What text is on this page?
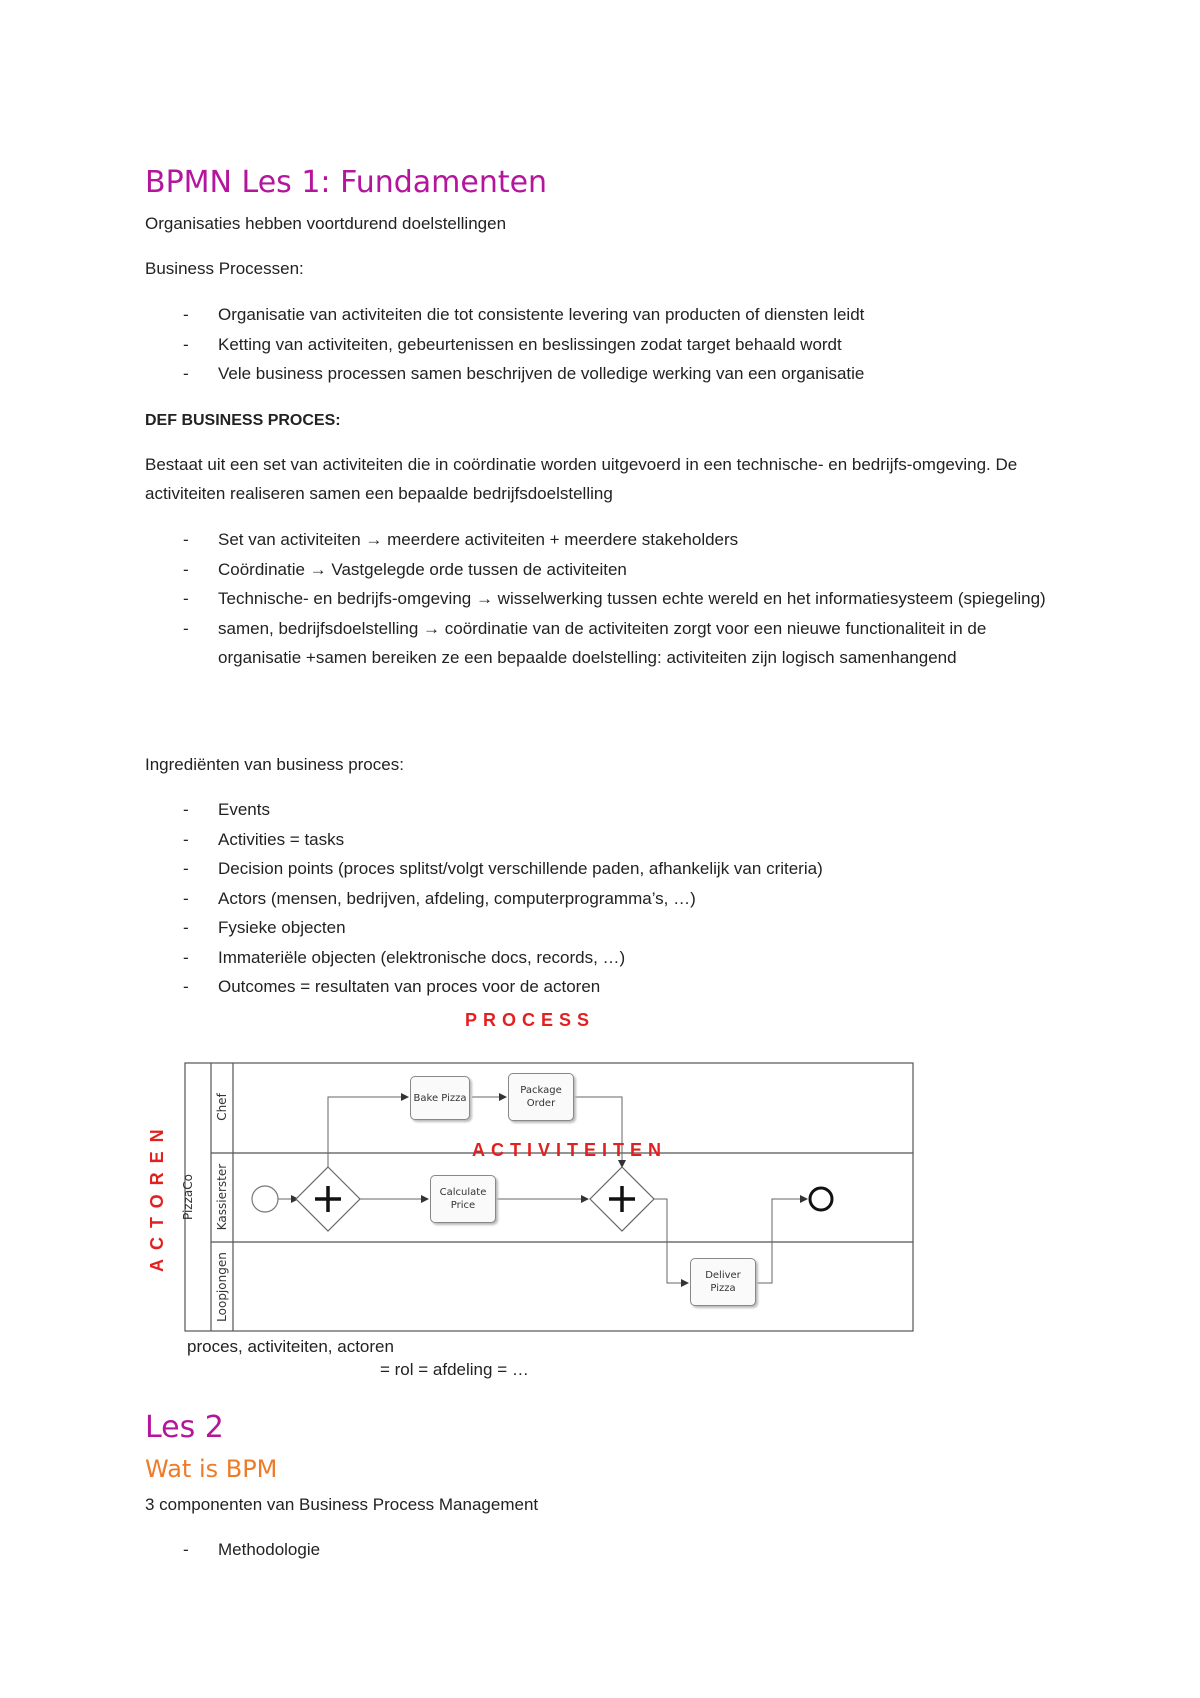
BPMN Les 1: Fundamenten
Organisaties hebben voortdurend doelstellingen
Business Processen:
- Organisatie van activiteiten die tot consistente levering van producten of diensten leidt
- Ketting van activiteiten, gebeurtenissen en beslissingen zodat target behaald wordt
- Vele business processen samen beschrijven de volledige werking van een organisatie
DEF BUSINESS PROCES:
Bestaat uit een set van activiteiten die in coördinatie worden uitgevoerd in een technische- en bedrijfs-omgeving. De activiteiten realiseren samen een bepaalde bedrijfsdoelstelling
- Set van activiteiten → meerdere activiteiten + meerdere stakeholders
- Coördinatie → Vastgelegde orde tussen de activiteiten
- Technische- en bedrijfs-omgeving → wisselwerking tussen echte wereld en het informatiesysteem (spiegeling)
- samen, bedrijfsdoelstelling → coördinatie van de activiteiten zorgt voor een nieuwe functionaliteit in de organisatie +samen bereiken ze een bepaalde doelstelling: activiteiten zijn logisch samenhangend
Ingrediënten van business proces:
- Events
- Activities = tasks
- Decision points (proces splitst/volgt verschillende paden, afhankelijk van criteria)
- Actors (mensen, bedrijven, afdeling, computerprogramma’s, …)
- Fysieke objecten
- Immateriële objecten (elektronische docs, records, …)
- Outcomes = resultaten van proces voor de actoren
PROCESS
Bake Pizza
Package Order
Calculate Price
Deliver Pizza
PizzaCo
Chef
Kassierster
Loopjongen
ACTIVITEITEN
ACTOREN
proces, activiteiten, actoren
= rol = afdeling = …
Les 2
Wat is BPM
3 componenten van Business Process Management
- Methodologie
